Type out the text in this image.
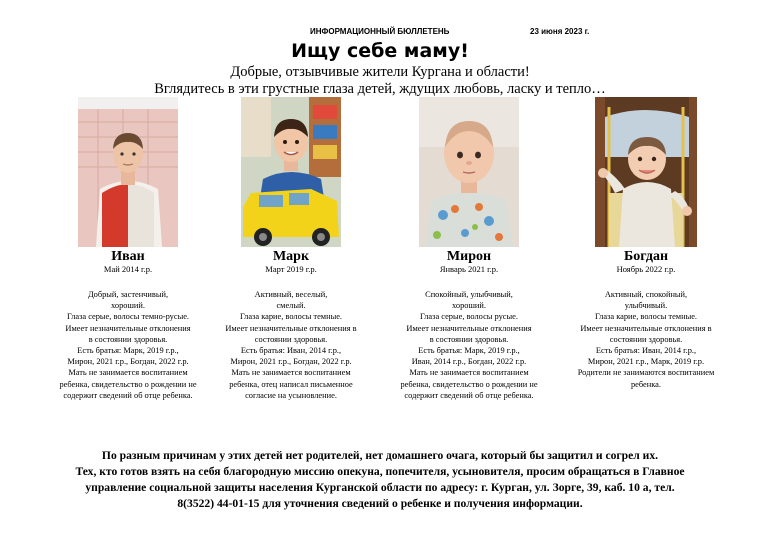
ИНФОРМАЦИОННЫЙ БЮЛЛЕТЕНЬ	23 июня 2023 г.
Ищу себе маму!
Добрые, отзывчивые жители Кургана и области!
Вглядитесь в эти грустные глаза детей, ждущих любовь, ласку и тепло…
Иван
Май 2014 г.р.
Добрый, застенчивый,
хороший.
Глаза серые, волосы темно-русые.
Имеет незначительные отклонения
в состоянии здоровья.
Есть братья: Марк, 2019 г.р.,
Мирон, 2021 г.р., Богдан, 2022 г.р.
Мать не занимается воспитанием
ребенка, свидетельство о рождении не
содержит сведений об отце ребенка.
Марк
Март 2019 г.р.
Активный, веселый,
смелый.
Глаза карие, волосы темные.
Имеет незначительные отклонения в
состоянии здоровья.
Есть братья: Иван, 2014 г.р.,
Мирон, 2021 г.р., Богдан, 2022 г.р.
Мать не занимается воспитанием
ребенка, отец написал письменное
согласие на усыновление.
Мирон
Январь 2021 г.р.
Спокойный, улыбчивый,
хороший.
Глаза серые, волосы русые.
Имеет незначительные отклонения
в состоянии здоровья.
Есть братья: Марк, 2019 г.р.,
Иван, 2014 г.р., Богдан, 2022 г.р.
Мать не занимается воспитанием
ребенка, свидетельство о рождении не
содержит сведений об отце ребенка.
Богдан
Ноябрь 2022 г.р.
Активный, спокойный,
улыбчивый.
Глаза карие, волосы темные.
Имеет незначительные отклонения в
состоянии здоровья.
Есть братья: Иван, 2014 г.р.,
Мирон, 2021 г.р., Марк, 2019 г.р.
Родители не занимаются воспитанием
ребенка.
По разным причинам у этих детей нет родителей, нет домашнего очага, который бы защитил и согрел их.
Тех, кто готов взять на себя благородную миссию опекуна, попечителя, усыновителя, просим обращаться в Главное
управление социальной защиты населения Курганской области по адресу: г. Курган, ул. Зорге, 39, каб. 10 а, тел.
8(3522) 44-01-15 для уточнения сведений о ребенке и получения информации.
